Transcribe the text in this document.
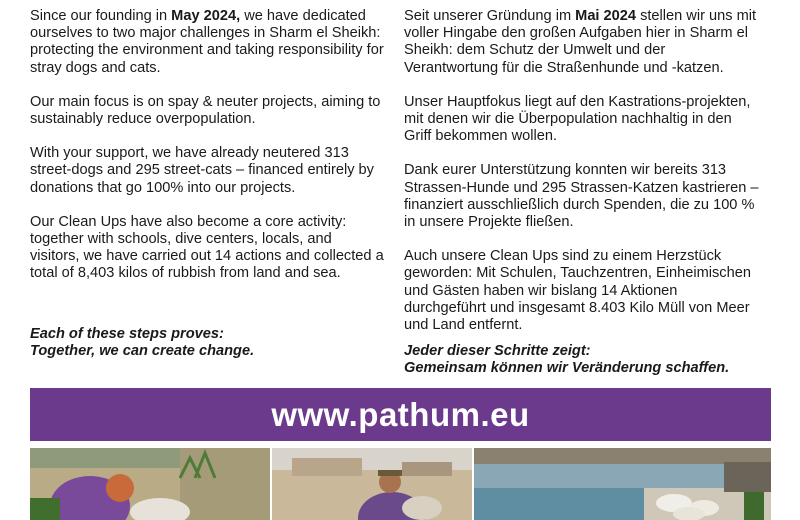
Since our founding in May 2024, we have dedicated ourselves to two major challenges in Sharm el Sheikh: protecting the environment and taking responsibility for stray dogs and cats.

Our main focus is on spay & neuter projects, aiming to sustainably reduce overpopulation.

With your support, we have already neutered 313 street-dogs and 295 street-cats – financed entirely by donations that go 100% into our projects.

Our Clean Ups have also become a core activity: together with schools, dive centers, locals, and visitors, we have carried out 14 actions and collected a total of 8,403 kilos of rubbish from land and sea.

Seit unserer Gründung im Mai 2024 stellen wir uns mit voller Hingabe den großen Aufgaben hier in Sharm el Sheikh: dem Schutz der Umwelt und der Verantwortung für die Straßenhunde und -katzen.

Unser Hauptfokus liegt auf den Kastrations-projekten, mit denen wir die Überpopulation nachhaltig in den Griff bekommen wollen.

Dank eurer Unterstützung konnten wir bereits 313 Strassen-Hunde und 295 Strassen-Katzen kastrieren – finanziert ausschließlich durch Spenden, die zu 100 % in unsere Projekte fließen.

Auch unsere Clean Ups sind zu einem Herzstück geworden: Mit Schulen, Tauchzentren, Einheimischen und Gästen haben wir bislang 14 Aktionen durchgeführt und insgesamt 8.403 Kilo Müll von Meer und Land entfernt.

Each of these steps proves:
Together, we can create change.	Jeder dieser Schritte zeigt:
Gemeinsam können wir Veränderung schaffen.
www.pathum.eu
